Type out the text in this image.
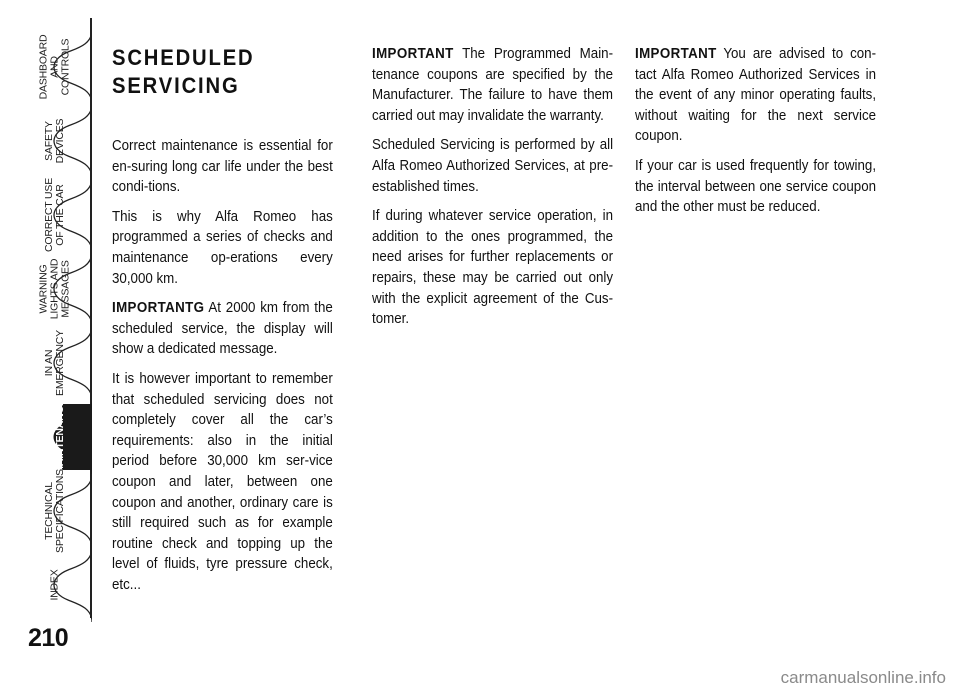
DASHBOARD
AND
CONTROLS
SAFETY
DEVICES
CORRECT USE
OF THE CAR
WARNING
LIGHTS AND
MESSAGES
IN AN
EMERGENCY
CAR
MAINTENANCE
TECHNICAL
SPECIFICATIONS
INDEX
210
SCHEDULED SERVICING

Correct maintenance is essential for en-suring long car life under the best condi-tions.

This is why Alfa Romeo has programmed a series of checks and maintenance op-erations every 30,000 km.

IMPORTANTG At 2000 km from the scheduled service, the display will show a dedicated message.

It is however important to remember that scheduled servicing does not completely cover all the car’s requirements: also in the initial period before 30,000 km ser-vice coupon and later, between one coupon and another, ordinary care is still required such as for example routine check and topping up the level of fluids, tyre pressure check, etc...

IMPORTANT The Programmed Main-tenance coupons are specified by the Manufacturer. The failure to have them carried out may invalidate the warranty.

Scheduled Servicing is performed by all Alfa Romeo Authorized Services, at pre-established times.

If during whatever service operation, in addition to the ones programmed, the need arises for further replacements or repairs, these may be carried out only with the explicit agreement of the Cus-tomer.

IMPORTANT You are advised to con-tact Alfa Romeo Authorized Services in the event of any minor operating faults, without waiting for the next service coupon.

If your car is used frequently for towing, the interval between one service coupon and the other must be reduced.

carmanualsonline.info
